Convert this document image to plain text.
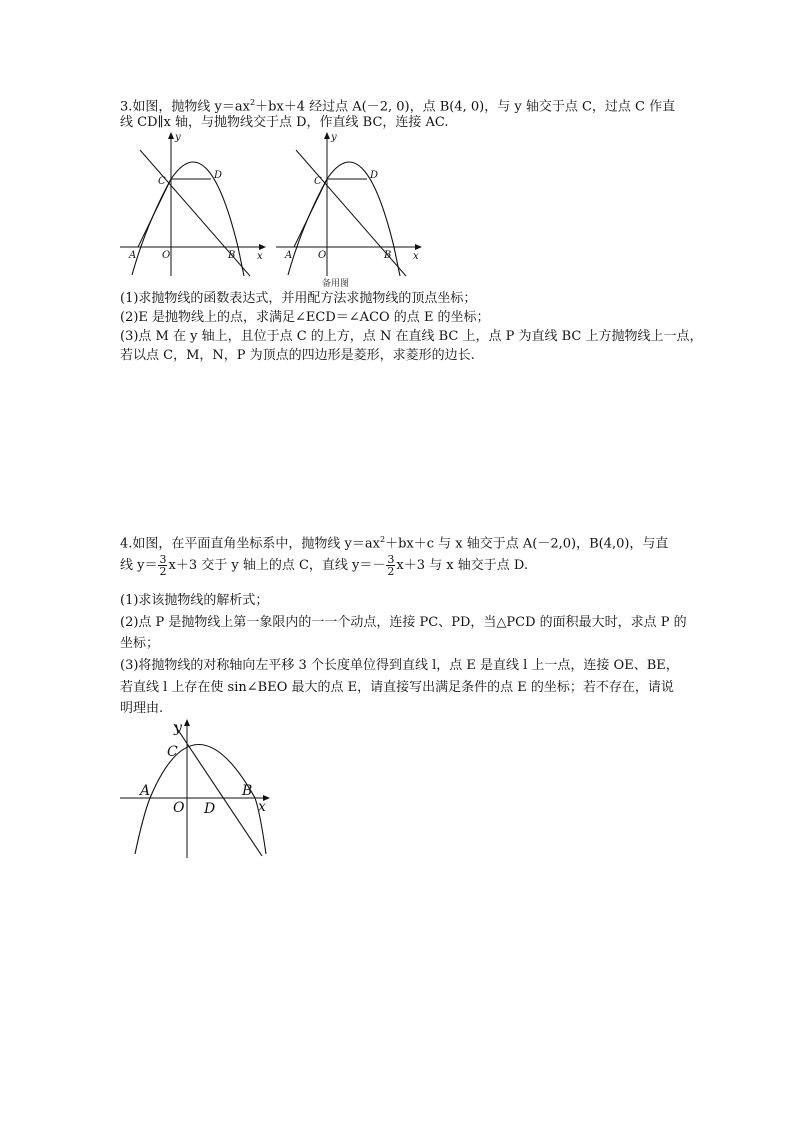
3.如图，抛物线 $y=ax^2+bx+4$ 经过点 A(－2, 0)，点 B(4, 0)，与 y 轴交于点 C，过点 C 作直
线 CD∥x 轴，与抛物线交于点 D，作直线 BC，连接 AC.
y
C
D
A	O	B x
y
C
D
A	O	B x
备用图
(1)求抛物线的函数表达式，并用配方法求抛物线的顶点坐标；
(2)E 是抛物线上的点，求满足∠ECD＝∠ACO 的点 E 的坐标；
(3)点 M 在 y 轴上，且位于点 C 的上方，点 N 在直线 BC 上，点 P 为直线 BC 上方抛物线上一点，
若以点 C，M，N，P 为顶点的四边形是菱形，求菱形的边长.
4.如图，在平面直角坐标系中，抛物线 $y=ax^2+bx+c$ 与 x 轴交于点 A(－2,0)，B(4,0)，与直
线 $y= \frac{3}{2} x+3$ 交于 y 轴上的点 C，直线 $y=- \frac{3}{2} x+3$ 与 x 轴交于点 D.
(1)求该抛物线的解析式；
(2)点 P 是抛物线上第一象限内的一一个动点，连接 PC、PD，当△PCD 的面积最大时，求点 P 的
坐标；
(3)将抛物线的对称轴向左平移 3 个长度单位得到直线 l，点 E 是直线 l 上一点，连接 OE、BE，
若直线 l 上存在使 sin∠BEO 最大的点 E，请直接写出满足条件的点 E 的坐标；若不存在，请说
明理由.
y
C
A
O D
B
x
